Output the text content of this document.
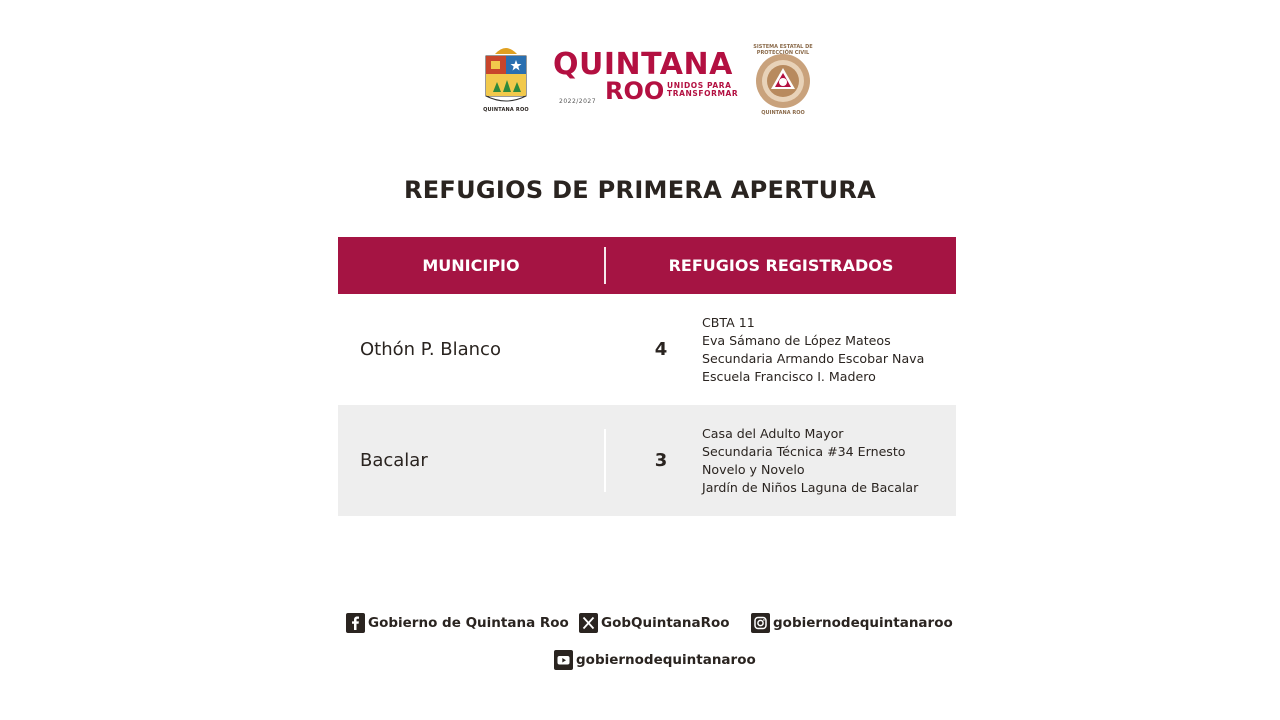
QUINTANA ROO
QUINTANA
ROO UNIDOS PARA
TRANSFORMAR
2022/2027
SISTEMA ESTATAL DE PROTECCIÓN CIVIL
QUINTANA ROO
REFUGIOS DE PRIMERA APERTURA
MUNICIPIO	REFUGIOS REGISTRADOS
Othón P. Blanco	4
CBTA 11
Eva Sámano de López Mateos
Secundaria Armando Escobar Nava
Escuela Francisco I. Madero
Bacalar	3
Casa del Adulto Mayor
Secundaria Técnica #34 Ernesto
Novelo y Novelo
Jardín de Niños Laguna de Bacalar
Gobierno de Quintana Roo GobQuintanaRoo	gobiernodequintanaroo
gobiernodequintanaroo
